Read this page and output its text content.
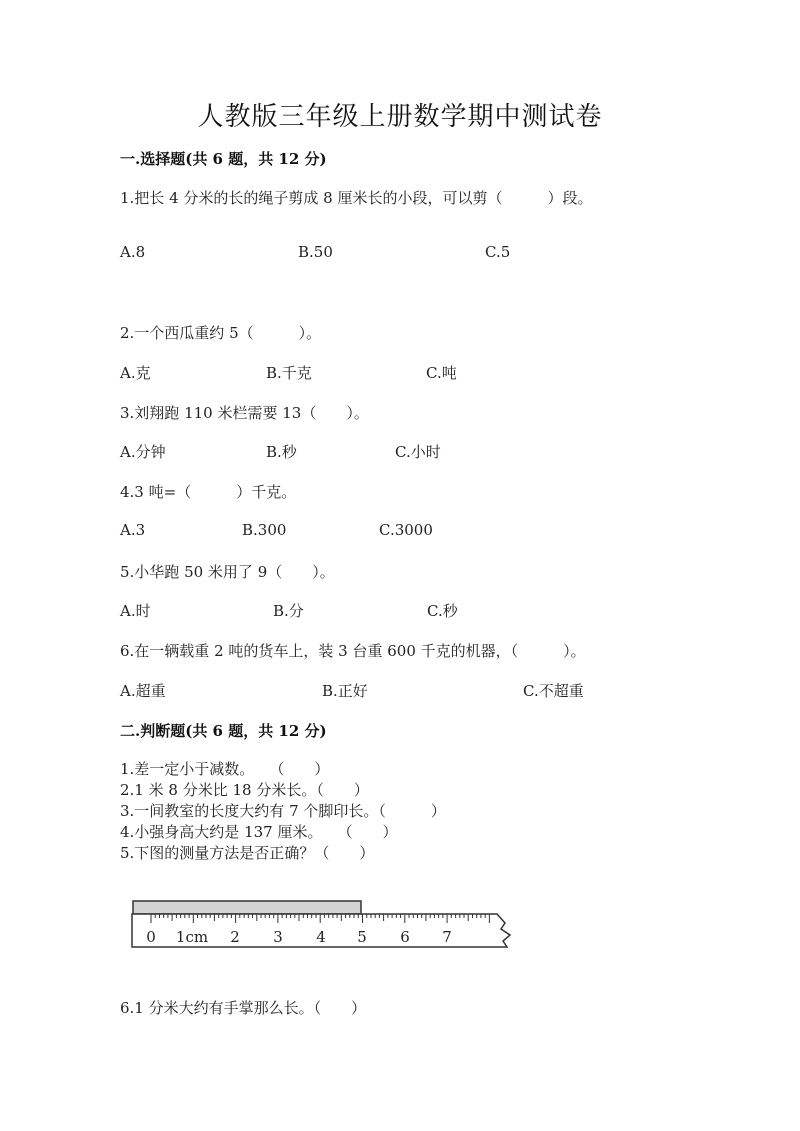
人教版三年级上册数学期中测试卷
一.选择题(共 6 题，共 12 分)
1.把长 4 分米的长的绳子剪成 8 厘米长的小段，可以剪（　　　）段。
A.8	B.50	C.5
2.一个西瓜重约 5（　　　）。
A.克	B.千克	C.吨
3.刘翔跑 110 米栏需要 13（　　）。
A.分钟	B.秒	C.小时
4.3 吨=（　　　）千克。
A.3	B.300	C.3000
5.小华跑 50 米用了 9（　　）。
A.时	B.分	C.秒
6.在一辆载重 2 吨的货车上，装 3 台重 600 千克的机器，（　　　）。
A.超重	B.正好	C.不超重
二.判断题(共 6 题，共 12 分)
1.差一定小于减数。　　（　　）
2.1 米 8 分米比 18 分米长。（　　）
3.一间教室的长度大约有 7 个脚印长。（　　　）
4.小强身高大约是 137 厘米。　　（　　）
5.下图的测量方法是否正确？（　　）
0 1cm 2 3 4 5 6 7
6.1 分米大约有手掌那么长。（　　）
